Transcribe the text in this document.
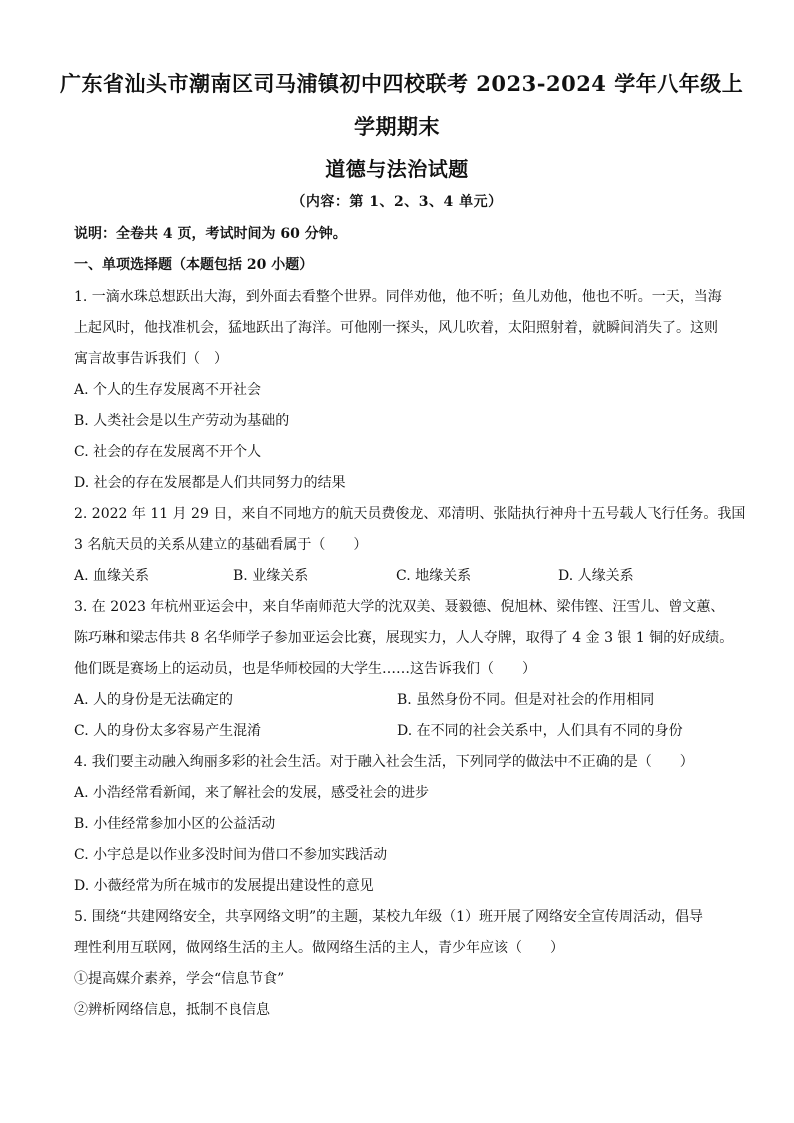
广东省汕头市潮南区司马浦镇初中四校联考 2023-2024 学年八年级上
学期期末
道德与法治试题
（内容：第 1、2、3、4 单元）
说明：全卷共 4 页，考试时间为 60 分钟。
一、单项选择题（本题包括 20 小题）
1. 一滴水珠总想跃出大海，到外面去看整个世界。同伴劝他，他不听；鱼儿劝他，他也不听。一天，当海
上起风时，他找准机会，猛地跃出了海洋。可他刚一探头，风儿吹着，太阳照射着，就瞬间消失了。这则
寓言故事告诉我们（　）
A. 个人的生存发展离不开社会
B. 人类社会是以生产劳动为基础的
C. 社会的存在发展离不开个人
D. 社会的存在发展都是人们共同努力的结果
2. 2022 年 11 月 29 日，来自不同地方的航天员费俊龙、邓清明、张陆执行神舟十五号载人飞行任务。我国
3 名航天员的关系从建立的基础看属于（　　）
A. 血缘关系	B. 业缘关系	C. 地缘关系	D. 人缘关系
3. 在 2023 年杭州亚运会中，来自华南师范大学的沈双美、聂毅德、倪旭林、梁伟铿、汪雪儿、曾文蕙、
陈巧琳和梁志伟共 8 名华师学子参加亚运会比赛，展现实力，人人夺牌，取得了 4 金 3 银 1 铜的好成绩。
他们既是赛场上的运动员，也是华师校园的大学生……这告诉我们（　　）
A. 人的身份是无法确定的	B. 虽然身份不同。但是对社会的作用相同
C. 人的身份太多容易产生混淆	D. 在不同的社会关系中，人们具有不同的身份
4. 我们要主动融入绚丽多彩的社会生活。对于融入社会生活，下列同学的做法中不正确的是（　　）
A. 小浩经常看新闻，来了解社会的发展，感受社会的进步
B. 小佳经常参加小区的公益活动
C. 小宇总是以作业多没时间为借口不参加实践活动
D. 小薇经常为所在城市的发展提出建设性的意见
5. 围绕“共建网络安全，共享网络文明”的主题，某校九年级（1）班开展了网络安全宣传周活动，倡导
理性利用互联网，做网络生活的主人。做网络生活的主人，青少年应该（　　）
①提高媒介素养，学会“信息节食”
②辨析网络信息，抵制不良信息
